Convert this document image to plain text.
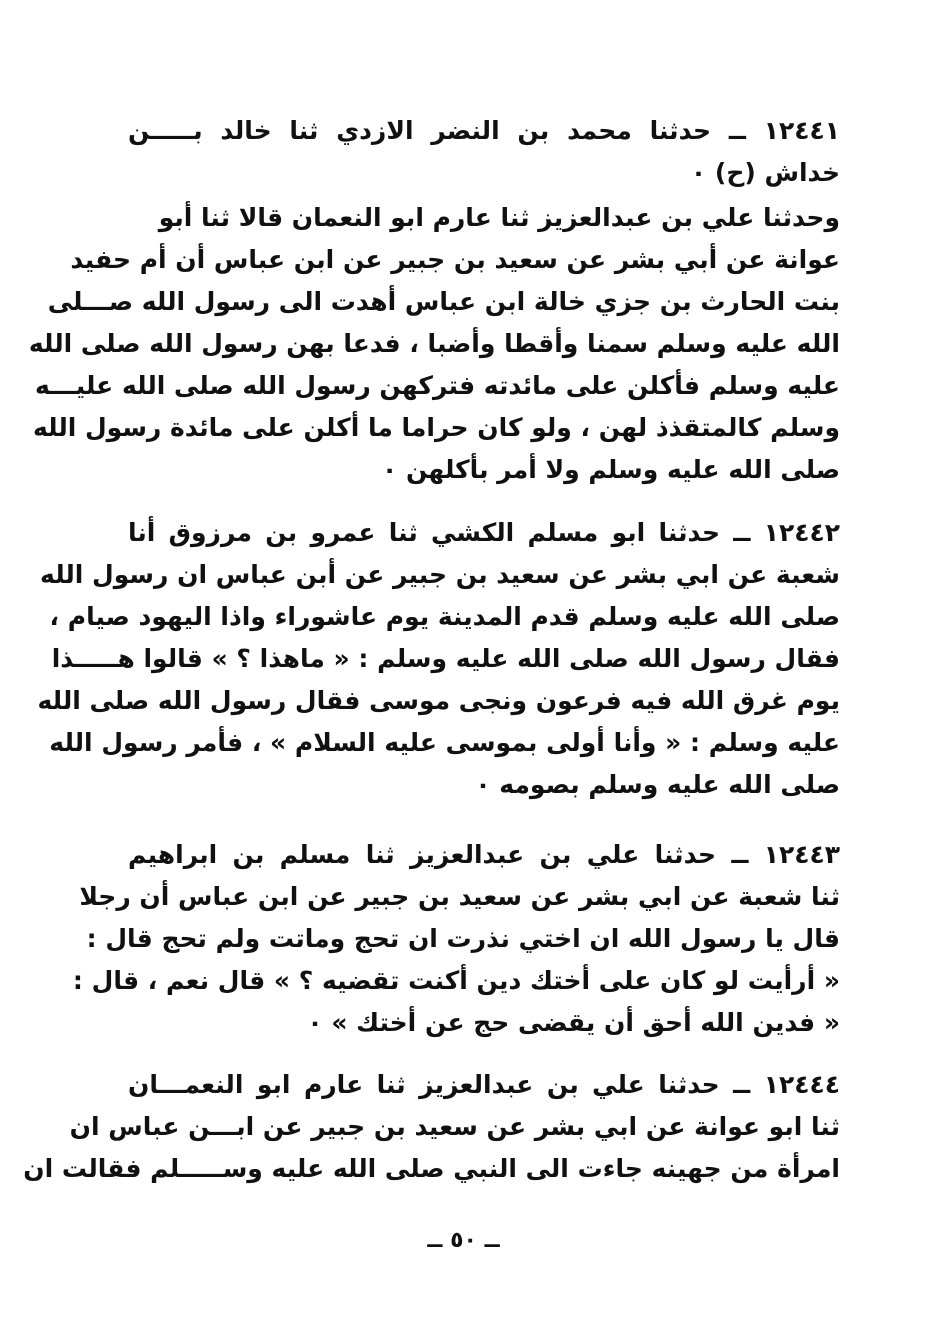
١٢٤٤١ ــ حدثنا محمد بن النضر الازدي ثنا خالد بـــــن
خداش (ح) ٠
وحدثنا علي بن عبدالعزيز ثنا عارم ابو النعمان قالا ثنا أبو
عوانة عن أبي بشر عن سعيد بن جبير عن ابن عباس أن أم حفيد
بنت الحارث بن جزي خالة ابن عباس أهدت الى رسول الله صـــلى
الله عليه وسلم سمنا وأقطا وأضبا ، فدعا بهن رسول الله صلى الله
عليه وسلم فأكلن على مائدته فتركهن رسول الله صلى الله عليـــه
وسلم كالمتقذذ لهن ، ولو كان حراما ما أكلن على مائدة رسول الله
صلى الله عليه وسلم ولا أمر بأكلهن ٠
١٢٤٤٢ ــ حدثنا ابو مسلم الكشي ثنا عمرو بن مرزوق أنا
شعبة عن ابي بشر عن سعيد بن جبير عن أبن عباس ان رسول الله
صلى الله عليه وسلم قدم المدينة يوم عاشوراء واذا اليهود صيام ،
فقال رسول الله صلى الله عليه وسلم : « ماهذا ؟ » قالوا هـــــذا
يوم غرق الله فيه فرعون ونجى موسى فقال رسول الله صلى الله
عليه وسلم : « وأنا أولى بموسى عليه السلام » ، فأمر رسول الله
صلى الله عليه وسلم بصومه ٠
١٢٤٤٣ ــ حدثنا علي بن عبدالعزيز ثنا مسلم بن ابراهيم
ثنا شعبة عن ابي بشر عن سعيد بن جبير عن ابن عباس أن رجلا
قال يا رسول الله ان اختي نذرت ان تحج وماتت ولم تحج قال :
« أرأيت لو كان على أختك دين أكنت تقضيه ؟ » قال نعم ، قال :
« فدين الله أحق أن يقضى حج عن أختك » ٠
١٢٤٤٤ ــ حدثنا علي بن عبدالعزيز ثنا عارم ابو النعمـــان
ثنا ابو عوانة عن ابي بشر عن سعيد بن جبير عن ابـــن عباس ان
امرأة من جهينه جاءت الى النبي صلى الله عليه وســـــلم فقالت ان
ــ ٥٠ ــ
